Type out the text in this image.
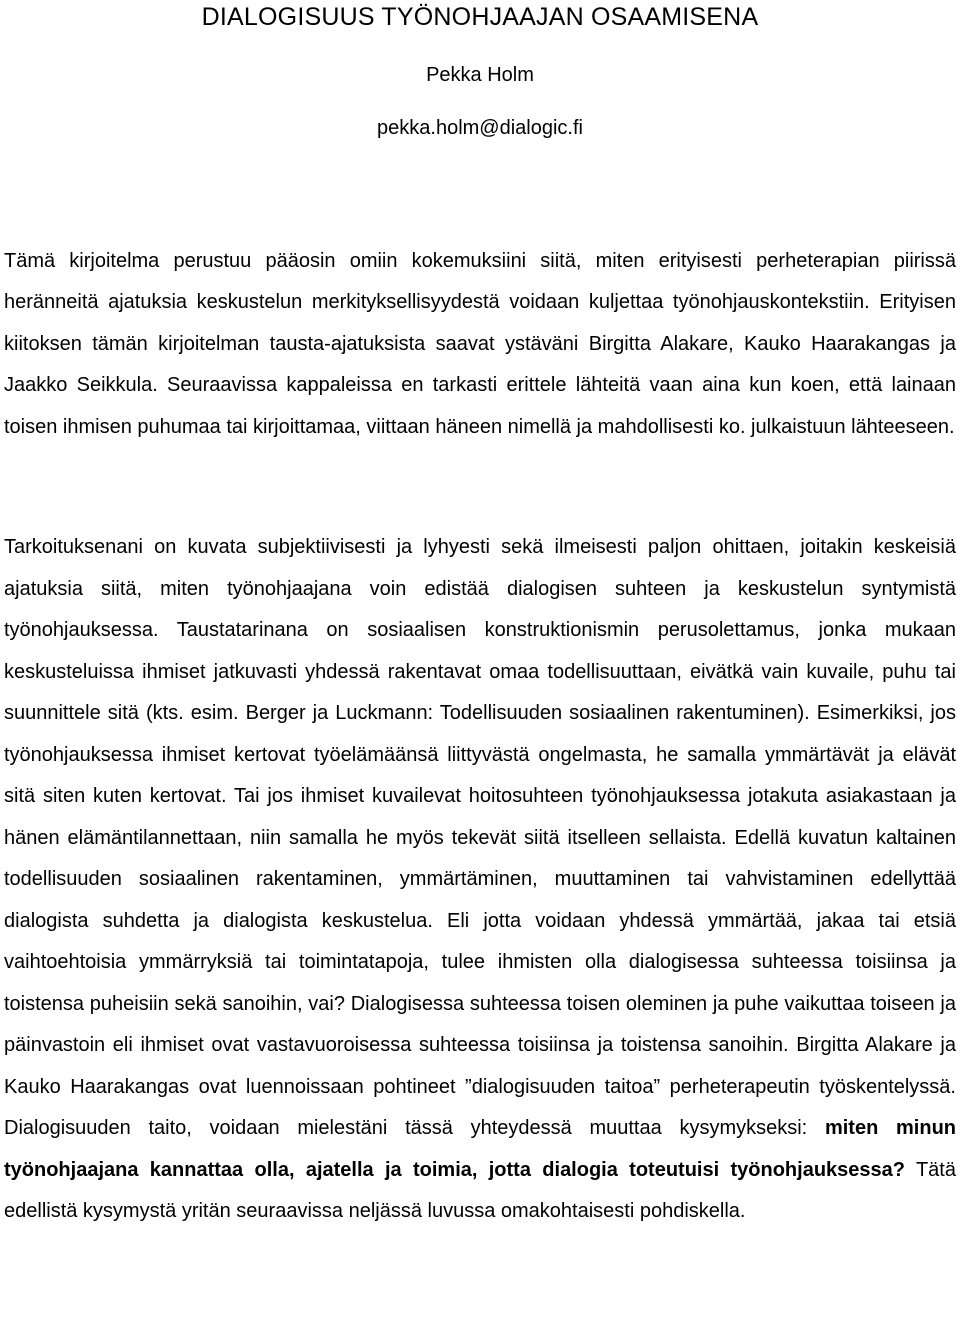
DIALOGISUUS TYÖNOHJAAJAN OSAAMISENA

Pekka Holm

pekka.holm@dialogic.fi

Tämä kirjoitelma perustuu pääosin omiin kokemuksiini siitä, miten erityisesti perheterapian piirissä heränneitä ajatuksia keskustelun merkityksellisyydestä voidaan kuljettaa työnohjauskontekstiin. Erityisen kiitoksen tämän kirjoitelman tausta-ajatuksista saavat ystäväni Birgitta Alakare, Kauko Haarakangas ja Jaakko Seikkula. Seuraavissa kappaleissa en tarkasti erittele lähteitä vaan aina kun koen, että lainaan toisen ihmisen puhumaa tai kirjoittamaa, viittaan häneen nimellä ja mahdollisesti ko. julkaistuun lähteeseen.

Tarkoituksenani on kuvata subjektiivisesti ja lyhyesti sekä ilmeisesti paljon ohittaen, joitakin keskeisiä ajatuksia siitä, miten työnohjaajana voin edistää dialogisen suhteen ja keskustelun syntymistä työnohjauksessa. Taustatarinana on sosiaalisen konstruktionismin perusolettamus, jonka mukaan keskusteluissa ihmiset jatkuvasti yhdessä rakentavat omaa todellisuuttaan, eivätkä vain kuvaile, puhu tai suunnittele sitä (kts. esim. Berger ja Luckmann: Todellisuuden sosiaalinen rakentuminen). Esimerkiksi, jos työnohjauksessa ihmiset kertovat työelämäänsä liittyvästä ongelmasta, he samalla ymmärtävät ja elävät sitä siten kuten kertovat. Tai jos ihmiset kuvailevat hoitosuhteen työnohjauksessa jotakuta asiakastaan ja hänen elämäntilannettaan, niin samalla he myös tekevät siitä itselleen sellaista. Edellä kuvatun kaltainen todellisuuden sosiaalinen rakentaminen, ymmärtäminen, muuttaminen tai vahvistaminen edellyttää dialogista suhdetta ja dialogista keskustelua. Eli jotta voidaan yhdessä ymmärtää, jakaa tai etsiä vaihtoehtoisia ymmärryksiä tai toimintatapoja, tulee ihmisten olla dialogisessa suhteessa toisiinsa ja toistensa puheisiin sekä sanoihin, vai? Dialogisessa suhteessa toisen oleminen ja puhe vaikuttaa toiseen ja päinvastoin eli ihmiset ovat vastavuoroisessa suhteessa toisiinsa ja toistensa sanoihin. Birgitta Alakare ja Kauko Haarakangas ovat luennoissaan pohtineet ”dialogisuuden taitoa” perheterapeutin työskentelyssä. Dialogisuuden taito, voidaan mielestäni tässä yhteydessä muuttaa kysymykseksi: miten minun työnohjaajana kannattaa olla, ajatella ja toimia, jotta dialogia toteutuisi työnohjauksessa? Tätä edellistä kysymystä yritän seuraavissa neljässä luvussa omakohtaisesti pohdiskella.
